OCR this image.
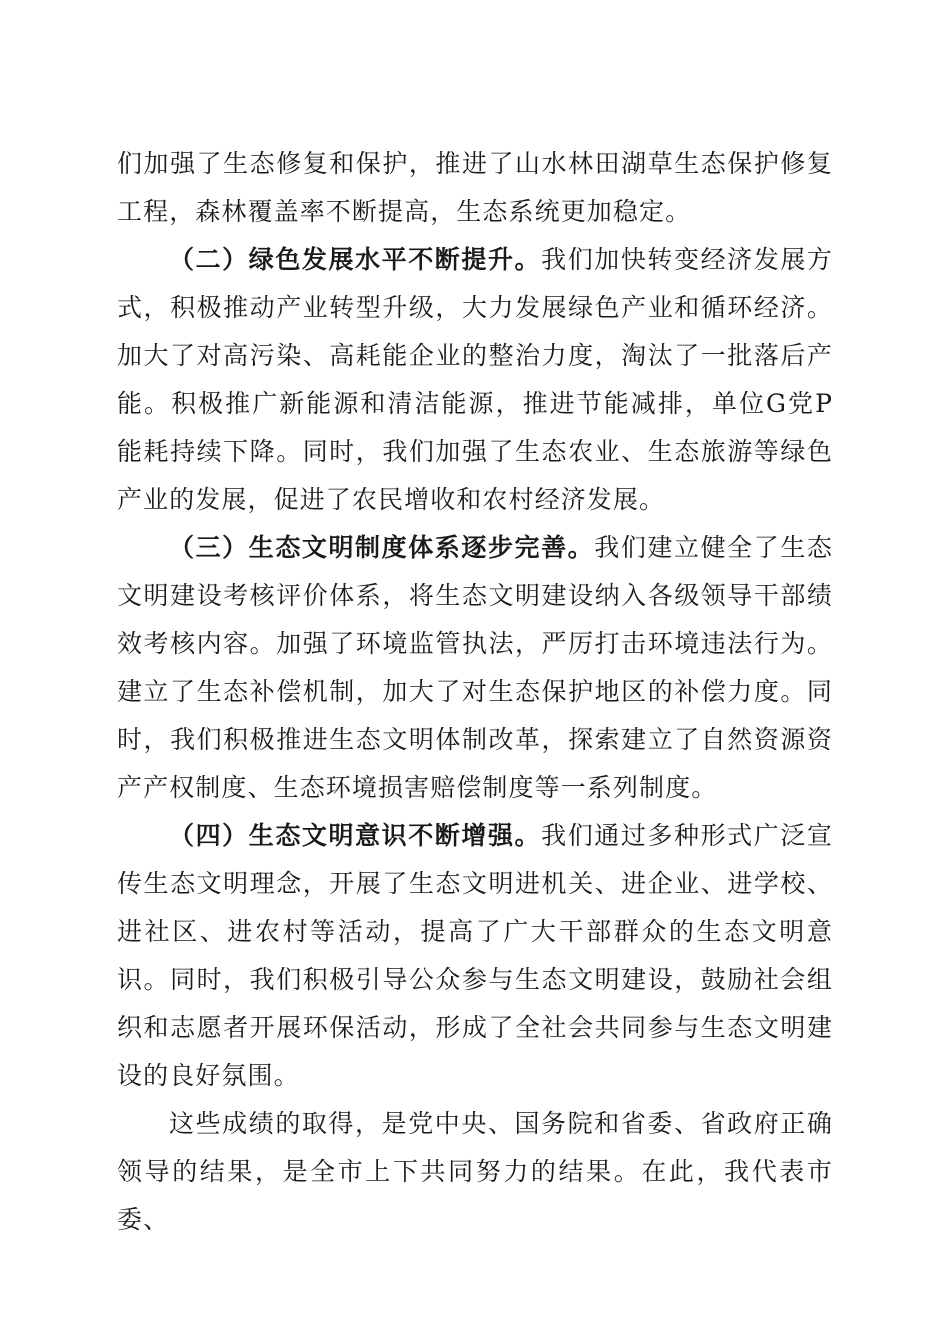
们加强了生态修复和保护，推进了山水林田湖草生态保护修复工程，森林覆盖率不断提高，生态系统更加稳定。

（二）绿色发展水平不断提升。我们加快转变经济发展方式，积极推动产业转型升级，大力发展绿色产业和循环经济。加大了对高污染、高耗能企业的整治力度，淘汰了一批落后产能。积极推广新能源和清洁能源，推进节能减排，单位G党P能耗持续下降。同时，我们加强了生态农业、生态旅游等绿色产业的发展，促进了农民增收和农村经济发展。

（三）生态文明制度体系逐步完善。我们建立健全了生态文明建设考核评价体系，将生态文明建设纳入各级领导干部绩效考核内容。加强了环境监管执法，严厉打击环境违法行为。建立了生态补偿机制，加大了对生态保护地区的补偿力度。同时，我们积极推进生态文明体制改革，探索建立了自然资源资产产权制度、生态环境损害赔偿制度等一系列制度。

（四）生态文明意识不断增强。我们通过多种形式广泛宣传生态文明理念，开展了生态文明进机关、进企业、进学校、进社区、进农村等活动，提高了广大干部群众的生态文明意识。同时，我们积极引导公众参与生态文明建设，鼓励社会组织和志愿者开展环保活动，形成了全社会共同参与生态文明建设的良好氛围。

这些成绩的取得，是党中央、国务院和省委、省政府正确领导的结果，是全市上下共同努力的结果。在此，我代表市委、
